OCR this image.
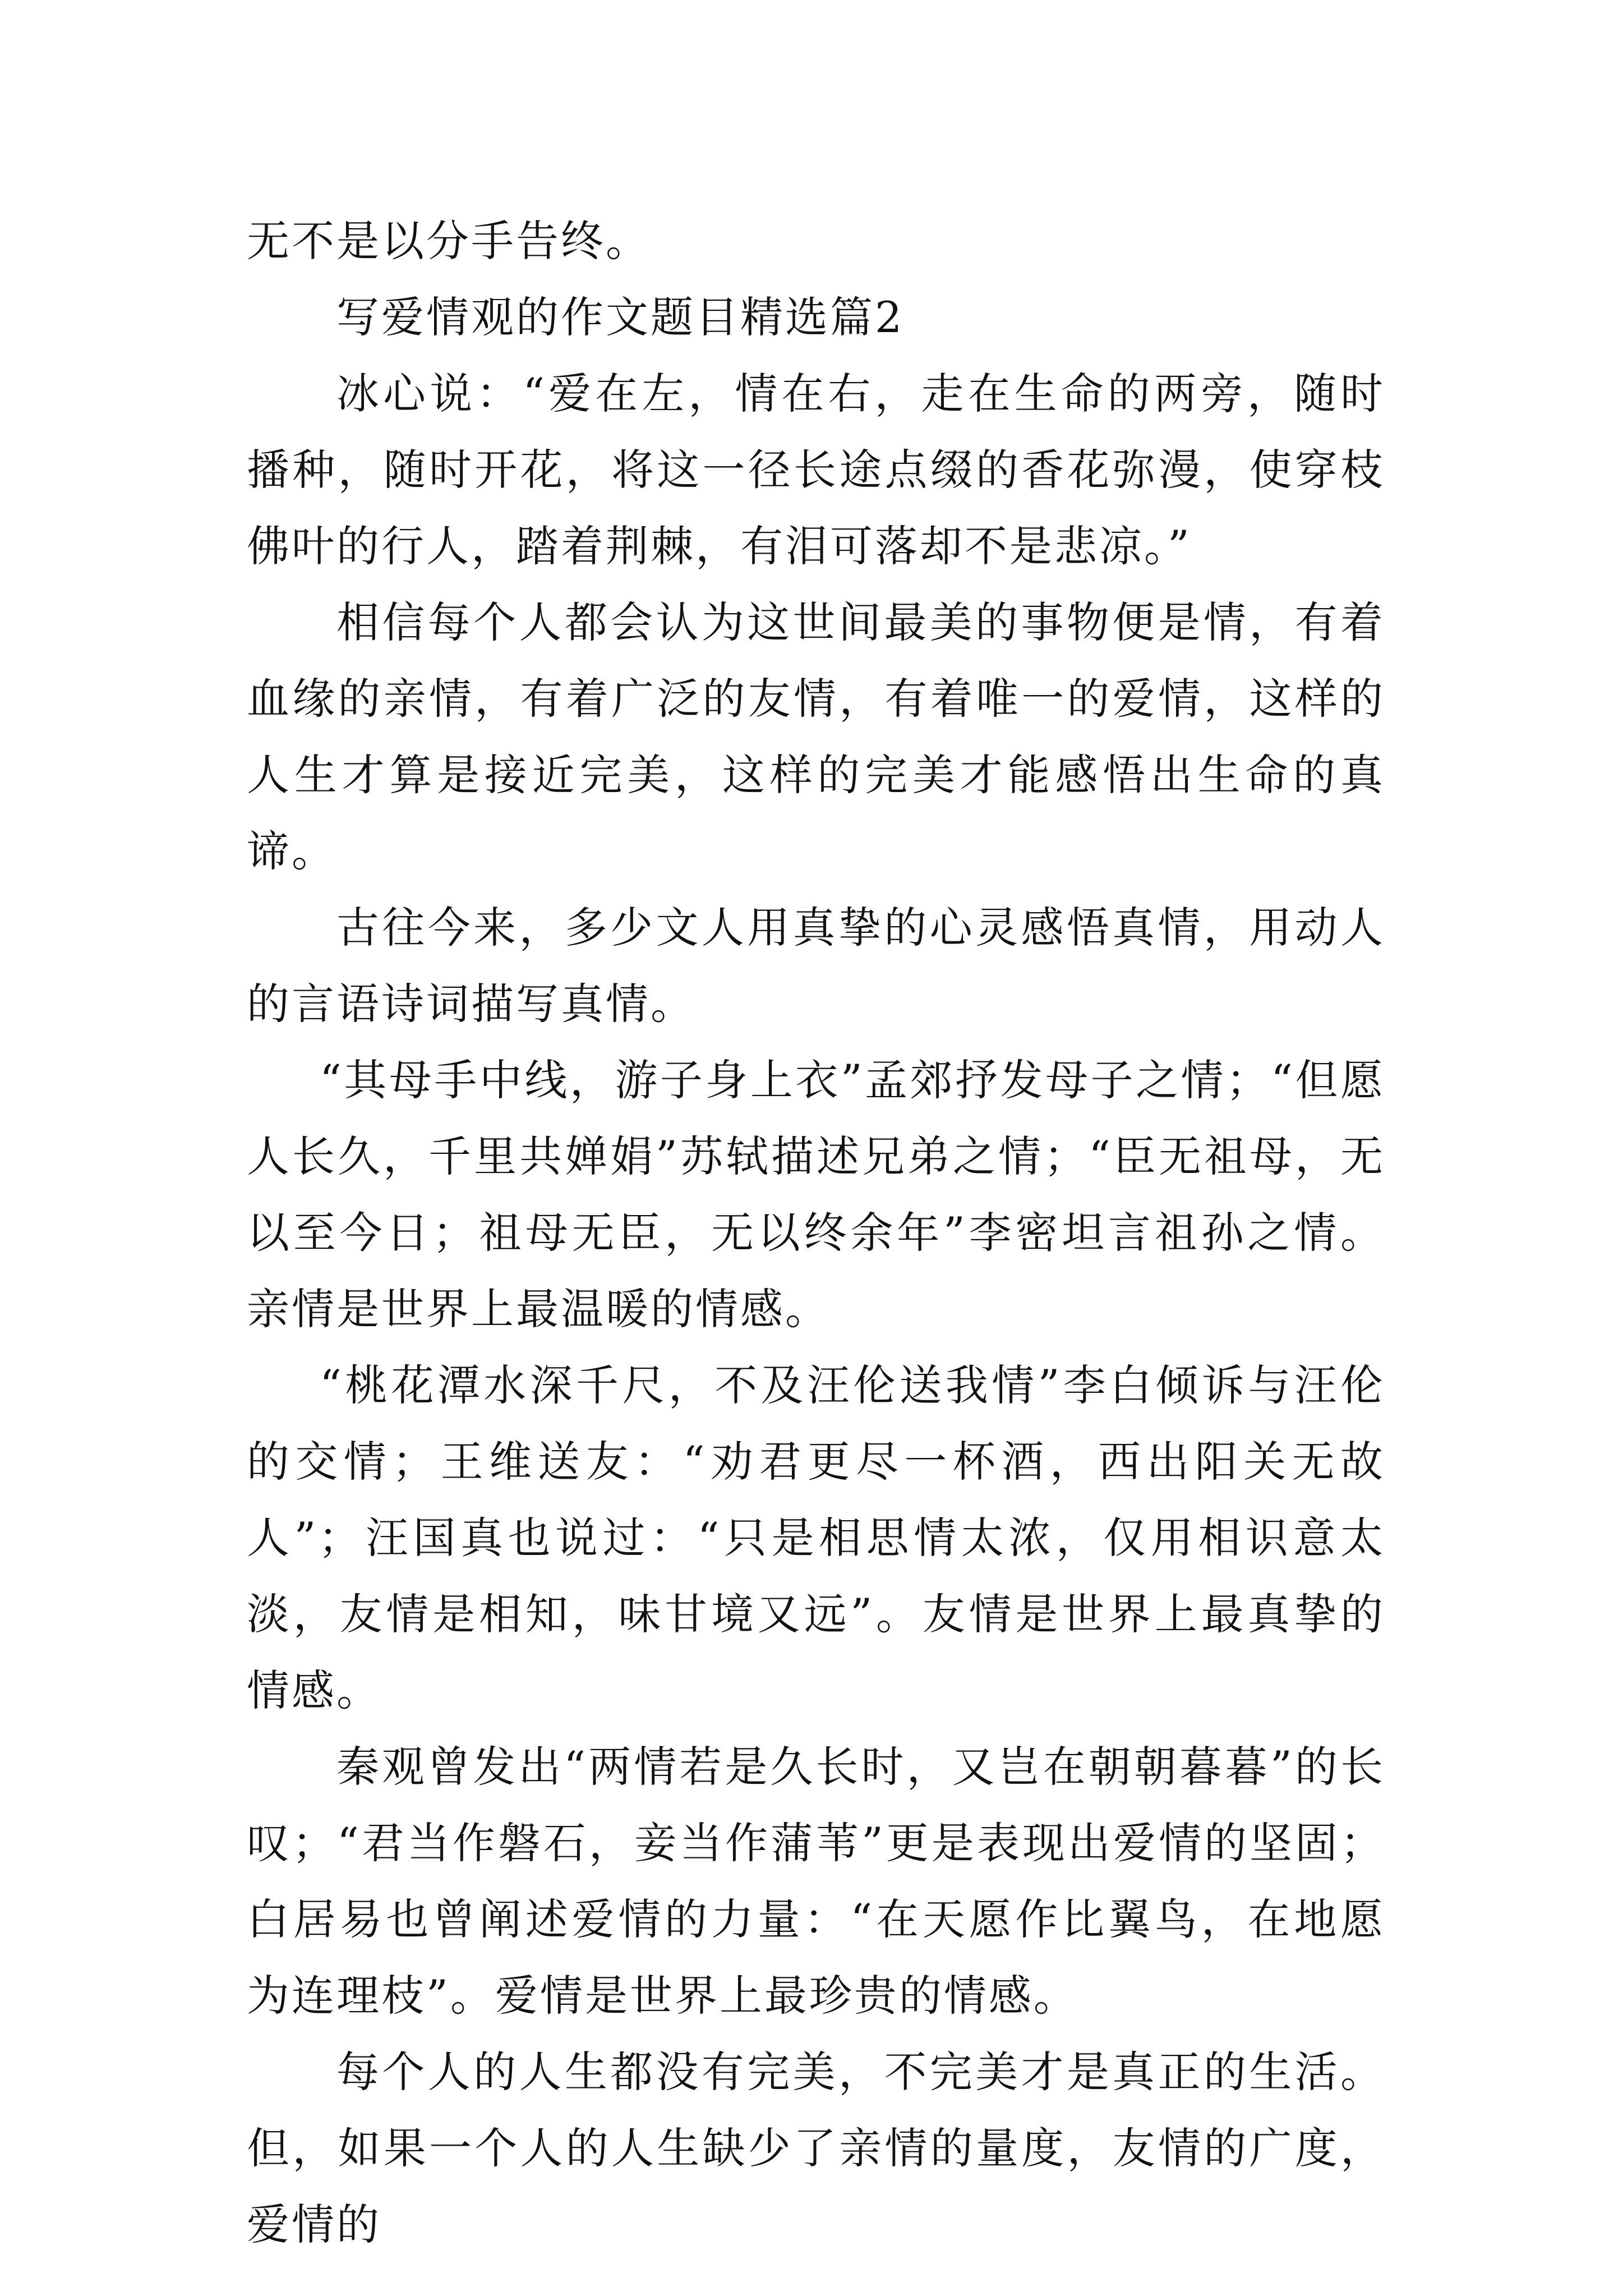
无不是以分手告终。

写爱情观的作文题目精选篇2

冰心说：“爱在左，情在右，走在生命的两旁，随时播种，随时开花，将这一径长途点缀的香花弥漫，使穿枝佛叶的行人，踏着荆棘，有泪可落却不是悲凉。”

相信每个人都会认为这世间最美的事物便是情，有着血缘的亲情，有着广泛的友情，有着唯一的爱情，这样的人生才算是接近完美，这样的完美才能感悟出生命的真谛。

古往今来，多少文人用真挚的心灵感悟真情，用动人的言语诗词描写真情。

“其母手中线，游子身上衣”孟郊抒发母子之情；“但愿人长久，千里共婵娟”苏轼描述兄弟之情；“臣无祖母，无以至今日；祖母无臣，无以终余年”李密坦言祖孙之情。亲情是世界上最温暖的情感。

“桃花潭水深千尺，不及汪伦送我情”李白倾诉与汪伦的交情；王维送友：“劝君更尽一杯酒，西出阳关无故人”；汪国真也说过：“只是相思情太浓，仅用相识意太淡，友情是相知，味甘境又远”。友情是世界上最真挚的情感。

秦观曾发出“两情若是久长时，又岂在朝朝暮暮”的长叹；“君当作磐石，妾当作蒲苇”更是表现出爱情的坚固；白居易也曾阐述爱情的力量：“在天愿作比翼鸟，在地愿为连理枝”。爱情是世界上最珍贵的情感。

每个人的人生都没有完美，不完美才是真正的生活。但，如果一个人的人生缺少了亲情的量度，友情的广度，爱情的
